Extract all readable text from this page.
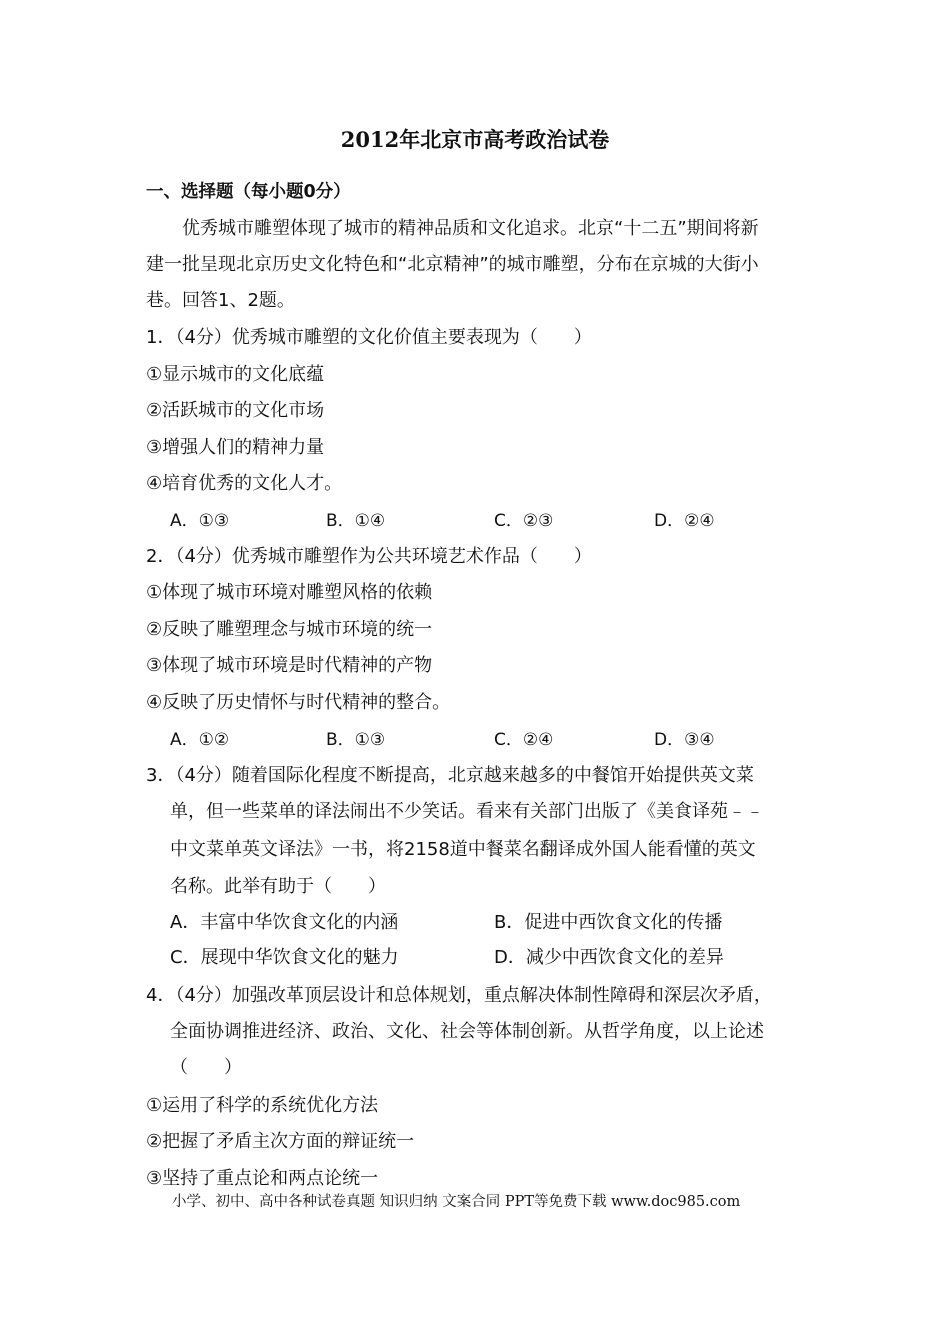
2012年北京市高考政治试卷
一、选择题（每小题0分）
优秀城市雕塑体现了城市的精神品质和文化追求。北京“十二五”期间将新
建一批呈现北京历史文化特色和“北京精神”的城市雕塑，分布在京城的大街小
巷。回答1、2题。
1．（4分）优秀城市雕塑的文化价值主要表现为（　　）
①显示城市的文化底蕴
②活跃城市的文化市场
③增强人们的精神力量
④培育优秀的文化人才。
A．①③	B．①④	C．②③	D．②④
2．（4分）优秀城市雕塑作为公共环境艺术作品（　　）
①体现了城市环境对雕塑风格的依赖
②反映了雕塑理念与城市环境的统一
③体现了城市环境是时代精神的产物
④反映了历史情怀与时代精神的整合。
A．①②	B．①③	C．②④	D．③④
3．（4分）随着国际化程度不断提高，北京越来越多的中餐馆开始提供英文菜
单，但一些菜单的译法闹出不少笑话。看来有关部门出版了《美食译苑﹣﹣
中文菜单英文译法》一书，将2158道中餐菜名翻译成外国人能看懂的英文
名称。此举有助于（　　）
A．丰富中华饮食文化的内涵	B．促进中西饮食文化的传播
C．展现中华饮食文化的魅力	D．减少中西饮食文化的差异
4．（4分）加强改革顶层设计和总体规划，重点解决体制性障碍和深层次矛盾，
全面协调推进经济、政治、文化、社会等体制创新。从哲学角度，以上论述
（　　）
①运用了科学的系统优化方法
②把握了矛盾主次方面的辩证统一
③坚持了重点论和两点论统一
小学、初中、高中各种试卷真题 知识归纳 文案合同 PPT等免费下载 www.doc985.com
